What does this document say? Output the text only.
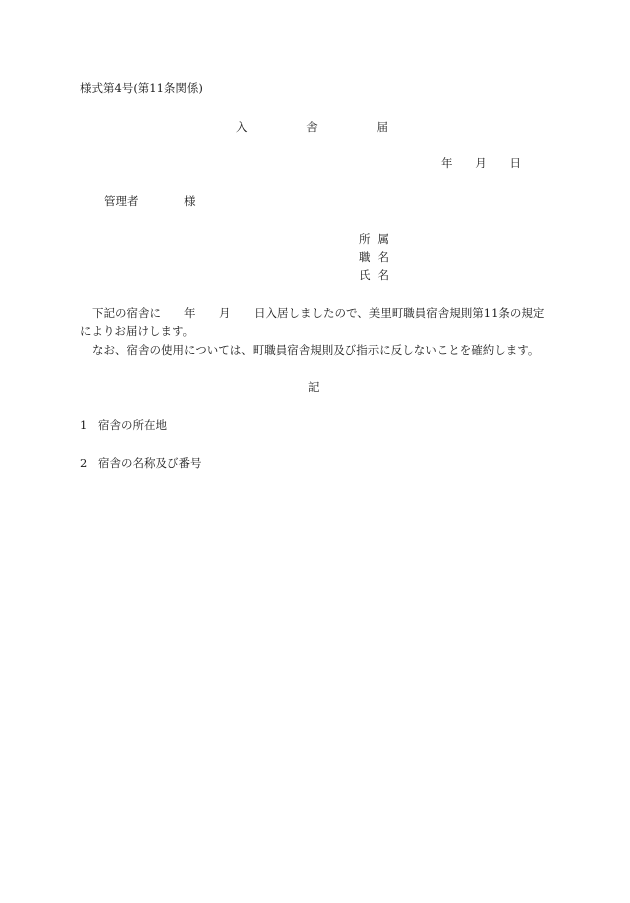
様式第4号(第11条関係)
入	舎	届
年 月 日
管理者	様
所属
職名
氏名
下記の宿舎に 年 月 日入居しましたので、美里町職員宿舎規則第11条の規定
によりお届けします。
なお、宿舎の使用については、町職員宿舎規則及び指示に反しないことを確約します。
記
1 宿舎の所在地
2 宿舎の名称及び番号
